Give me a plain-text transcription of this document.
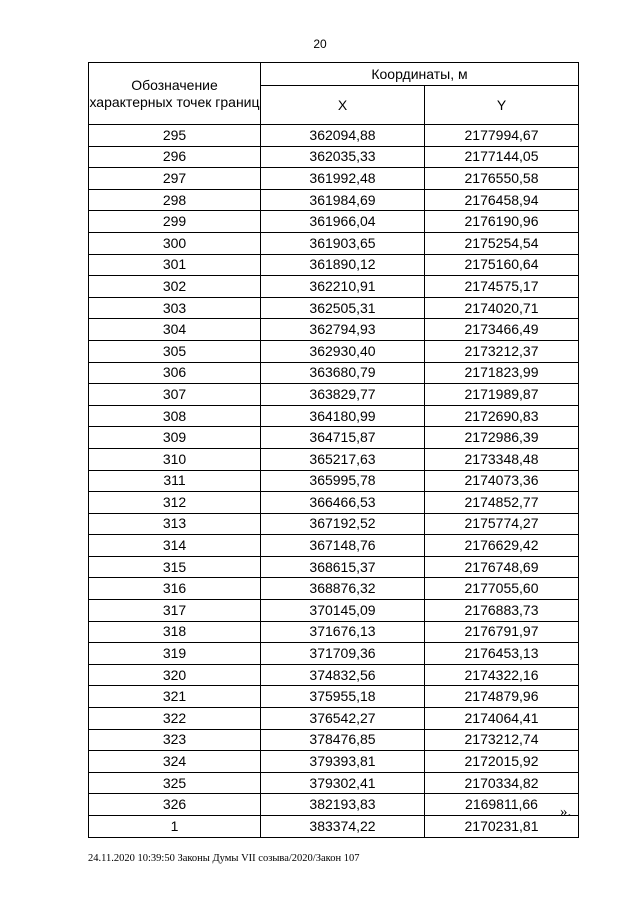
20
Обозначение характерных точек границ	Координаты, м	
	X	Y
295	362094,88	2177994,67
296	362035,33	2177144,05
297	361992,48	2176550,58
298	361984,69	2176458,94
299	361966,04	2176190,96
300	361903,65	2175254,54
301	361890,12	2175160,64
302	362210,91	2174575,17
303	362505,31	2174020,71
304	362794,93	2173466,49
305	362930,40	2173212,37
306	363680,79	2171823,99
307	363829,77	2171989,87
308	364180,99	2172690,83
309	364715,87	2172986,39
310	365217,63	2173348,48
311	365995,78	2174073,36
312	366466,53	2174852,77
313	367192,52	2175774,27
314	367148,76	2176629,42
315	368615,37	2176748,69
316	368876,32	2177055,60
317	370145,09	2176883,73
318	371676,13	2176791,97
319	371709,36	2176453,13
320	374832,56	2174322,16
321	375955,18	2174879,96
322	376542,27	2174064,41
323	378476,85	2173212,74
324	379393,81	2172015,92
325	379302,41	2170334,82
326	382193,83	2169811,66
1	383374,22	2170231,81
».
24.11.2020 10:39:50 Законы Думы VII созыва/2020/Закон 107
